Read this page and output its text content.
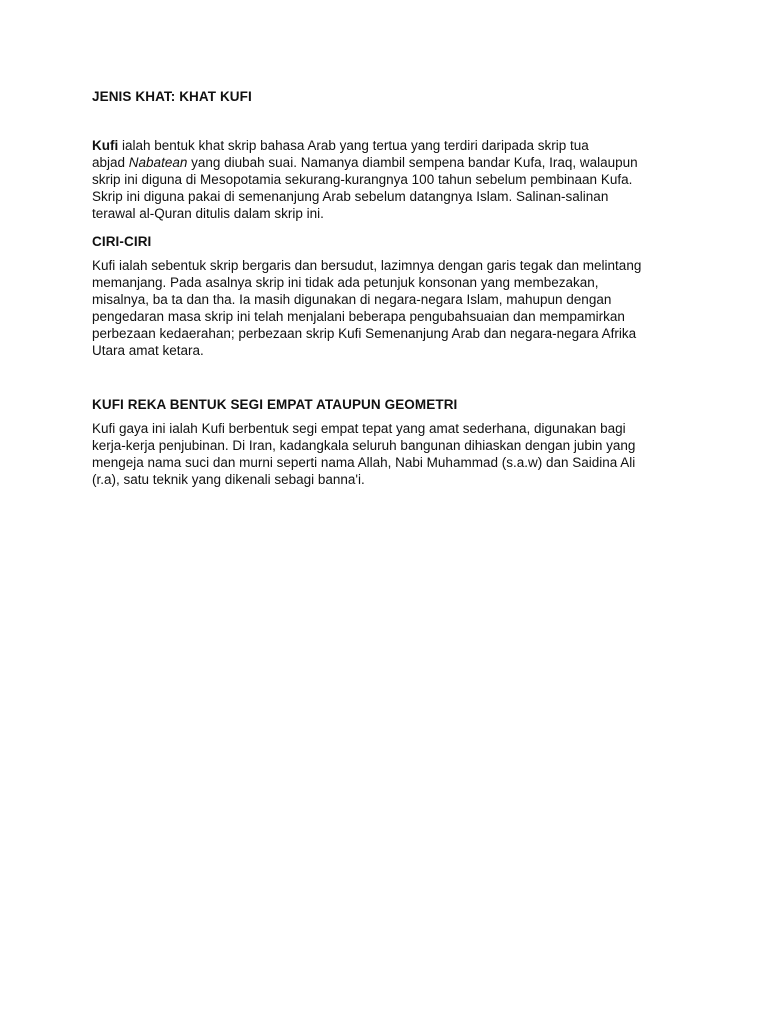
JENIS KHAT: KHAT KUFI
Kufi ialah bentuk khat skrip bahasa Arab yang tertua yang terdiri daripada skrip tua
abjad Nabatean yang diubah suai. Namanya diambil sempena bandar Kufa, Iraq, walaupun
skrip ini diguna di Mesopotamia sekurang-kurangnya 100 tahun sebelum pembinaan Kufa.
Skrip ini diguna pakai di semenanjung Arab sebelum datangnya Islam. Salinan-salinan
terawal al-Quran ditulis dalam skrip ini.
CIRI-CIRI
Kufi ialah sebentuk skrip bergaris dan bersudut, lazimnya dengan garis tegak dan melintang
memanjang. Pada asalnya skrip ini tidak ada petunjuk konsonan yang membezakan,
misalnya, ba ta dan tha. Ia masih digunakan di negara-negara Islam, mahupun dengan
pengedaran masa skrip ini telah menjalani beberapa pengubahsuaian dan mempamirkan
perbezaan kedaerahan; perbezaan skrip Kufi Semenanjung Arab dan negara-negara Afrika
Utara amat ketara.
KUFI REKA BENTUK SEGI EMPAT ATAUPUN GEOMETRI
Kufi gaya ini ialah Kufi berbentuk segi empat tepat yang amat sederhana, digunakan bagi
kerja-kerja penjubinan. Di Iran, kadangkala seluruh bangunan dihiaskan dengan jubin yang
mengeja nama suci dan murni seperti nama Allah, Nabi Muhammad (s.a.w) dan Saidina Ali
(r.a), satu teknik yang dikenali sebagi banna'i.
